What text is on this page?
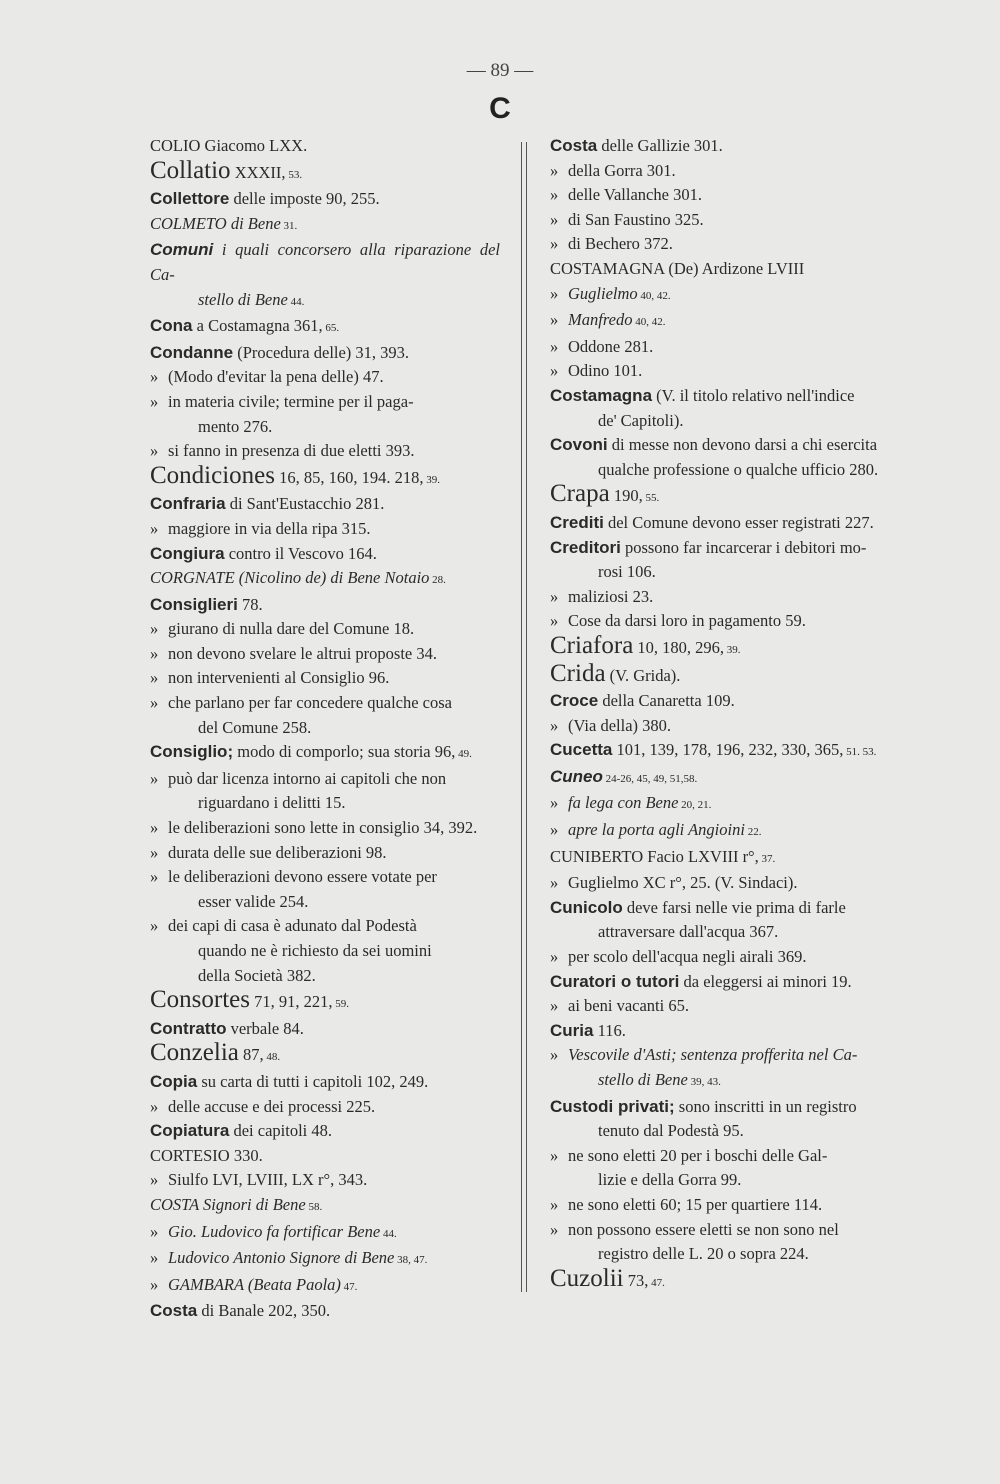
— 89 —
C
COLIO Giacomo LXX.
Collatio XXXII, 53.
Collettore delle imposte 90, 255.
COLMETO di Bene 31.
Comuni i quali concorsero alla riparazione del Ca-
stello di Bene 44.
Cona a Costamagna 361, 65.
Condanne (Procedura delle) 31, 393.
» (Modo d'evitar la pena delle) 47.
» in materia civile; termine per il paga-
mento 276.
» si fanno in presenza di due eletti 393.
Condiciones 16, 85, 160, 194. 218, 39.
Confraria di Sant'Eustacchio 281.
» maggiore in via della ripa 315.
Congiura contro il Vescovo 164.
CORGNATE (Nicolino de) di Bene Notaio 28.
Consiglieri 78.
» giurano di nulla dare del Comune 18.
» non devono svelare le altrui proposte 34.
» non intervenienti al Consiglio 96.
» che parlano per far concedere qualche cosa
del Comune 258.
Consiglio; modo di comporlo; sua storia 96, 49.
» può dar licenza intorno ai capitoli che non
riguardano i delitti 15.
» le deliberazioni sono lette in consiglio 34, 392.
» durata delle sue deliberazioni 98.
» le deliberazioni devono essere votate per
esser valide 254.
» dei capi di casa è adunato dal Podestà
quando ne è richiesto da sei uomini
della Società 382.
Consortes 71, 91, 221, 59.
Contratto verbale 84.
Conzelia 87, 48.
Copia su carta di tutti i capitoli 102, 249.
» delle accuse e dei processi 225.
Copiatura dei capitoli 48.
CORTESIO 330.
» Siulfo LVI, LVIII, LX r°, 343.
COSTA Signori di Bene 58.
» Gio. Ludovico fa fortificar Bene 44.
» Ludovico Antonio Signore di Bene 38, 47.
» GAMBARA (Beata Paola) 47.
Costa di Banale 202, 350.
Costa delle Gallizie 301.
» della Gorra 301.
» delle Vallanche 301.
» di San Faustino 325.
» di Bechero 372.
COSTAMAGNA (De) Ardizone LVIII
» Guglielmo 40, 42.
» Manfredo 40, 42.
» Oddone 281.
» Odino 101.
Costamagna (V. il titolo relativo nell'indice
de' Capitoli).
Covoni di messe non devono darsi a chi esercita
qualche professione o qualche ufficio 280.
Crapa 190, 55.
Crediti del Comune devono esser registrati 227.
Creditori possono far incarcerar i debitori mo-
rosi 106.
» maliziosi 23.
» Cose da darsi loro in pagamento 59.
Criafora 10, 180, 296, 39.
Crida (V. Grida).
Croce della Canaretta 109.
» (Via della) 380.
Cucetta 101, 139, 178, 196, 232, 330, 365, 51. 53.
Cuneo 24-26, 45, 49, 51,58.
» fa lega con Bene 20, 21.
» apre la porta agli Angioini 22.
CUNIBERTO Facio LXVIII r°, 37.
» Guglielmo XC r°, 25. (V. Sindaci).
Cunicolo deve farsi nelle vie prima di farle
attraversare dall'acqua 367.
» per scolo dell'acqua negli airali 369.
Curatori o tutori da eleggersi ai minori 19.
» ai beni vacanti 65.
Curia 116.
» Vescovile d'Asti; sentenza profferita nel Ca-
stello di Bene 39, 43.
Custodi privati; sono inscritti in un registro
tenuto dal Podestà 95.
» ne sono eletti 20 per i boschi delle Gal-
lizie e della Gorra 99.
» ne sono eletti 60; 15 per quartiere 114.
» non possono essere eletti se non sono nel
registro delle L. 20 o sopra 224.
Cuzolii 73, 47.
